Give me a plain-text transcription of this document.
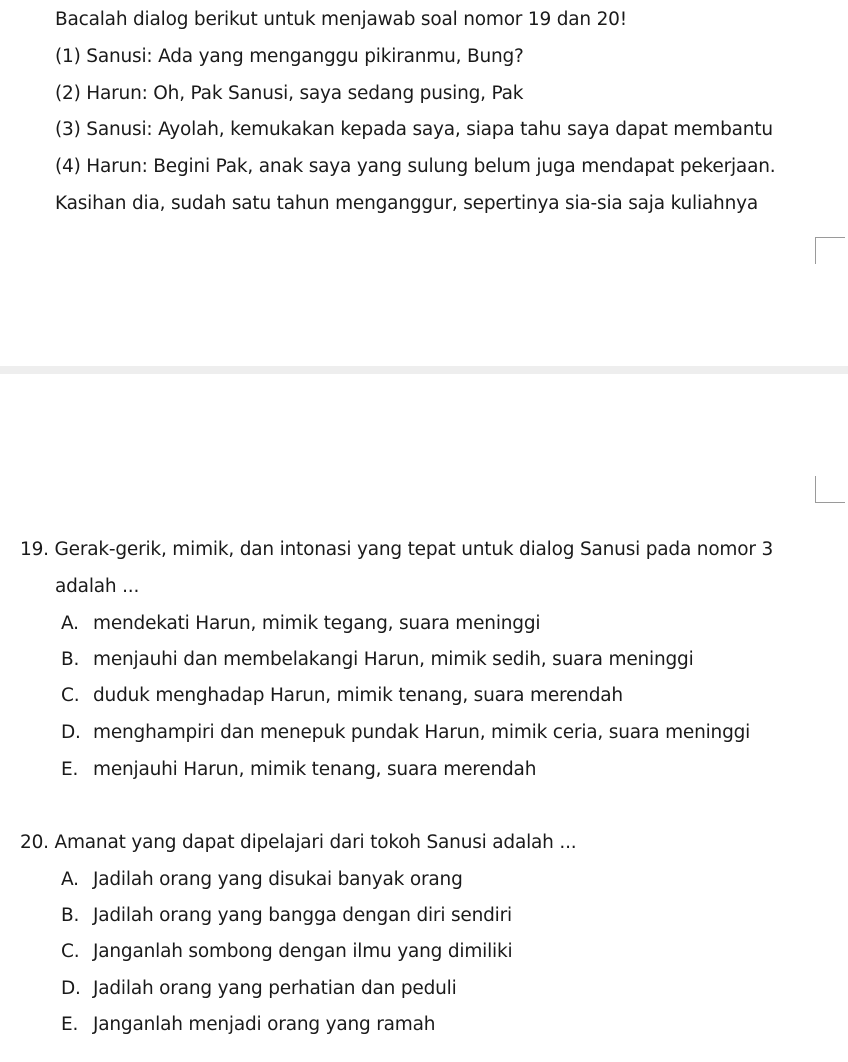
Bacalah dialog berikut untuk menjawab soal nomor 19 dan 20!
(1) Sanusi: Ada yang menganggu pikiranmu, Bung?
(2) Harun: Oh, Pak Sanusi, saya sedang pusing, Pak
(3) Sanusi: Ayolah, kemukakan kepada saya, siapa tahu saya dapat membantu
(4) Harun: Begini Pak, anak saya yang sulung belum juga mendapat pekerjaan.
Kasihan dia, sudah satu tahun menganggur, sepertinya sia-sia saja kuliahnya
19. Gerak-gerik, mimik, dan intonasi yang tepat untuk dialog Sanusi pada nomor 3
adalah ...
A. mendekati Harun, mimik tegang, suara meninggi
B. menjauhi dan membelakangi Harun, mimik sedih, suara meninggi
C. duduk menghadap Harun, mimik tenang, suara merendah
D. menghampiri dan menepuk pundak Harun, mimik ceria, suara meninggi
E. menjauhi Harun, mimik tenang, suara merendah
20. Amanat yang dapat dipelajari dari tokoh Sanusi adalah ...
A. Jadilah orang yang disukai banyak orang
B. Jadilah orang yang bangga dengan diri sendiri
C. Janganlah sombong dengan ilmu yang dimiliki
D. Jadilah orang yang perhatian dan peduli
E. Janganlah menjadi orang yang ramah
